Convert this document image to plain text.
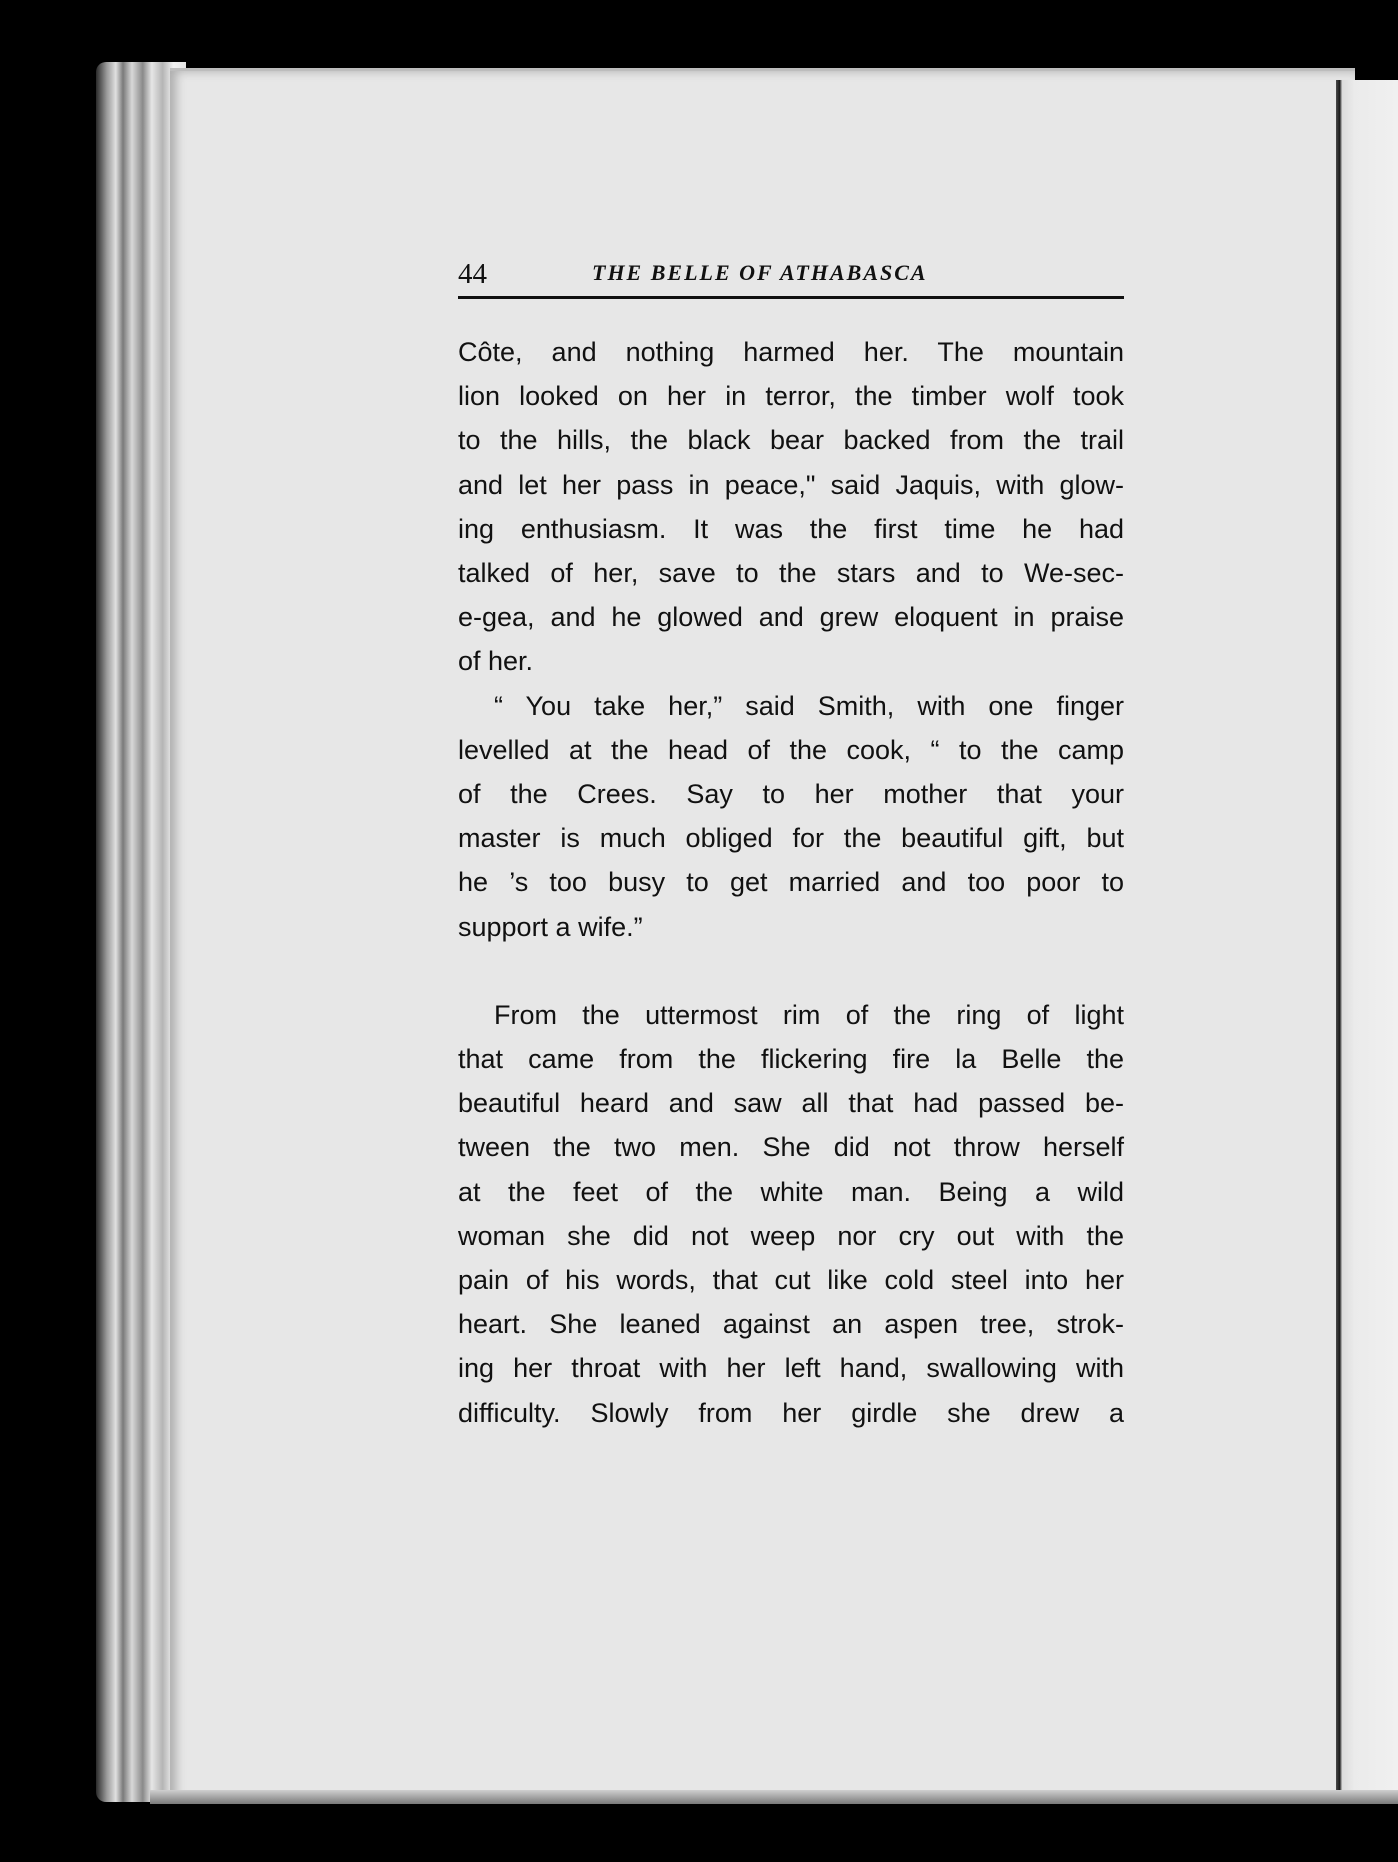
44	THE BELLE OF ATHABASCA

Côte, and nothing harmed her. The mountain
lion looked on her in terror, the timber wolf took
to the hills, the black bear backed from the trail
and let her pass in peace," said Jaquis, with glow-
ing enthusiasm. It was the first time he had
talked of her, save to the stars and to We-sec-
e-gea, and he glowed and grew eloquent in praise
of her.

“ You take her,” said Smith, with one finger
levelled at the head of the cook, “ to the camp
of the Crees. Say to her mother that your
master is much obliged for the beautiful gift, but
he ’s too busy to get married and too poor to
support a wife.”

From the uttermost rim of the ring of light
that came from the flickering fire la Belle the
beautiful heard and saw all that had passed be-
tween the two men. She did not throw herself
at the feet of the white man. Being a wild
woman she did not weep nor cry out with the
pain of his words, that cut like cold steel into her
heart. She leaned against an aspen tree, strok-
ing her throat with her left hand, swallowing with
difficulty. Slowly from her girdle she drew a
